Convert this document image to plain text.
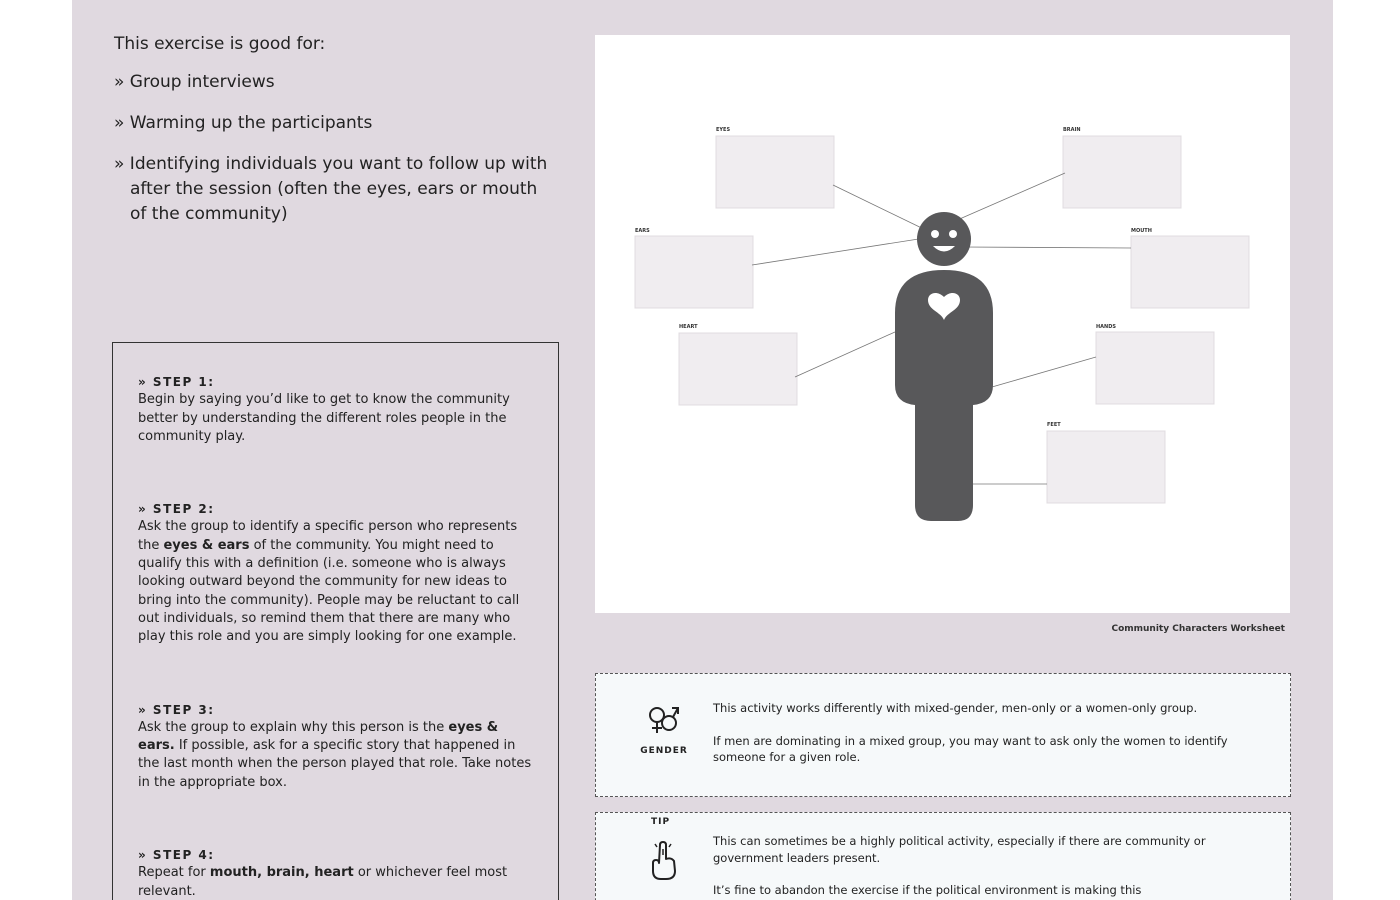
This exercise is good for:
» Group interviews
» Warming up the participants
» Identifying individuals you want to follow up with after the session (often the eyes, ears or mouth of the community)
» STEP 1:
Begin by saying you’d like to get to know the community better by understanding the different roles people in the community play.
» STEP 2:
Ask the group to identify a specific person who represents the eyes & ears of the community. You might need to qualify this with a definition (i.e. someone who is always looking outward beyond the community for new ideas to bring into the community). People may be reluctant to call out individuals, so remind them that there are many who play this role and you are simply looking for one example.
» STEP 3:
Ask the group to explain why this person is the eyes & ears. If possible, ask for a specific story that happened in the last month when the person played that role. Take notes in the appropriate box.
» STEP 4:
Repeat for mouth, brain, heart or whichever feel most relevant.
EYES	BRAIN
EARS	MOUTH
HEART	HANDS
FEET
Community Characters Worksheet
GENDER

This activity works differently with mixed-gender, men-only or a women-only group.

If men are dominating in a mixed group, you may want to ask only the women to identify someone for a given role.

TIP

This can sometimes be a highly political activity, especially if there are community or government leaders present.

It’s fine to abandon the exercise if the political environment is making this
